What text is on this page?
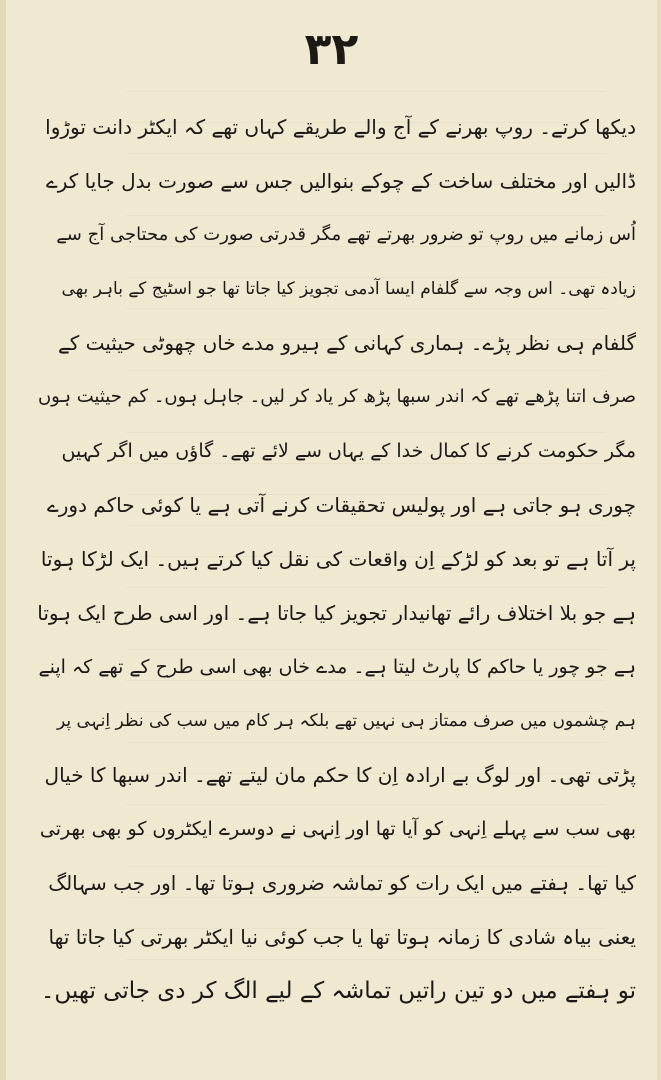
۳۲
دیکھا کرتے۔ روپ بھرنے کے آج والے طریقے کہاں تھے کہ ایکٹر دانت توڑوا
ڈالیں اور مختلف ساخت کے چوکے بنوالیں جس سے صورت بدل جایا کرے
اُس زمانے میں روپ تو ضرور بھرتے تھے مگر قدرتی صورت کی محتاجی آج سے
زیادہ تھی۔ اس وجہ سے گلفام ایسا آدمی تجویز کیا جاتا تھا جو اسٹیج کے باہر بھی
گلفام ہی نظر پڑے۔ ہماری کہانی کے ہیرو مدے خاں چھوٹی حیثیت کے
صرف اتنا پڑھے تھے کہ اندر سبھا پڑھ کر یاد کر لیں۔ جاہل ہوں۔ کم حیثیت ہوں
مگر حکومت کرنے کا کمال خدا کے یہاں سے لائے تھے۔ گاؤں میں اگر کہیں
چوری ہو جاتی ہے اور پولیس تحقیقات کرنے آتی ہے یا کوئی حاکم دورے
پر آتا ہے تو بعد کو لڑکے اِن واقعات کی نقل کیا کرتے ہیں۔ ایک لڑکا ہوتا
ہے جو بلا اختلاف رائے تھانیدار تجویز کیا جاتا ہے۔ اور اسی طرح ایک ہوتا
ہے جو چور یا حاکم کا پارٹ لیتا ہے۔ مدے خاں بھی اسی طرح کے تھے کہ اپنے
ہم چشموں میں صرف ممتاز ہی نہیں تھے بلکہ ہر کام میں سب کی نظر اِنہی پر
پڑتی تھی۔ اور لوگ بے ارادہ اِن کا حکم مان لیتے تھے۔ اندر سبھا کا خیال
بھی سب سے پہلے اِنہی کو آیا تھا اور اِنہی نے دوسرے ایکٹروں کو بھی بھرتی
کیا تھا۔ ہفتے میں ایک رات کو تماشہ ضروری ہوتا تھا۔ اور جب سہالگ
یعنی بیاہ شادی کا زمانہ ہوتا تھا یا جب کوئی نیا ایکٹر بھرتی کیا جاتا تھا
تو ہفتے میں دو تین راتیں تماشہ کے لیے الگ کر دی جاتی تھیں۔
